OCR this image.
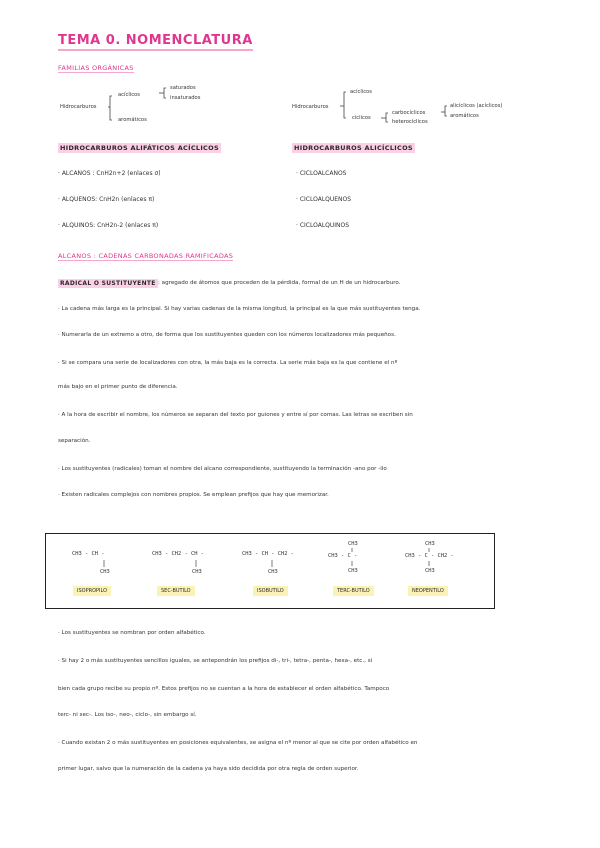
TEMA 0. NOMENCLATURA
FAMILIAS ORGÁNICAS
Hidrocarburos
acíclicos
saturados
insaturados
aromáticos
Hidrocarburos
acíclicos
cíclicos
carbocíclicos
heterocíclicos
alicíclicos (acíclicos)
aromáticos
HIDROCARBUROS ALIFÁTICOS ACÍCLICOS
· ALCANOS : CnH2n+2 (enlaces σ)
· ALQUENOS: CnH2n (enlaces π)
· ALQUINOS: CnH2n-2 (enlaces π)
HIDROCARBUROS ALICÍCLICOS
· CICLOALCANOS
· CICLOALQUENOS
· CICLOALQUINOS
ALCANOS : CADENAS CARBONADAS RAMIFICADAS
RADICAL O SUSTITUYENTE : agregado de átomos que proceden de la pérdida, formal de un H de un hidrocarburo.
· La cadena más larga es la principal. Si hay varias cadenas de la misma longitud, la principal es la que más sustituyentes tenga.
· Numerarla de un extremo a otro, de forma que los sustituyentes queden con los números localizadores más pequeños.
· Si se compara una serie de localizadores con otra, la más baja es la correcta. La serie más baja es la que contiene el nº
más bajo en el primer punto de diferencia.
· A la hora de escribir el nombre, los números se separan del texto por guiones y entre sí por comas. Las letras se escriben sin
separación.
· Los sustituyentes (radicales) toman el nombre del alcano correspondiente, sustituyendo la terminación -ano por -ilo
· Existen radicales complejos con nombres propios. Se emplean prefijos que hay que memorizar.
CH3 - CH -
CH3
ISOPROPILO
CH3 - CH2 - CH -
CH3
SEC-BUTILO
CH3 - CH - CH2 -
CH3
ISOBUTILO
CH3
CH3 - C -
CH3
TERC-BUTILO
CH3
CH3 - C - CH2 -
CH3
NEOPENTILO
· Los sustituyentes se nombran por orden alfabético.
· Si hay 2 o más sustituyentes sencillos iguales, se antepondrán los prefijos di-, tri-, tetra-, penta-, hexa-, etc., si
bien cada grupo recibe su propio nº. Estos prefijos no se cuentan a la hora de establecer el orden alfabético. Tampoco
terc- ni sec-. Los iso-, neo-, ciclo-, sin embargo sí.
· Cuando existan 2 o más sustituyentes en posiciones equivalentes, se asigna el nº menor al que se cite por orden alfabético en
primer lugar, salvo que la numeración de la cadena ya haya sido decidida por otra regla de orden superior.
